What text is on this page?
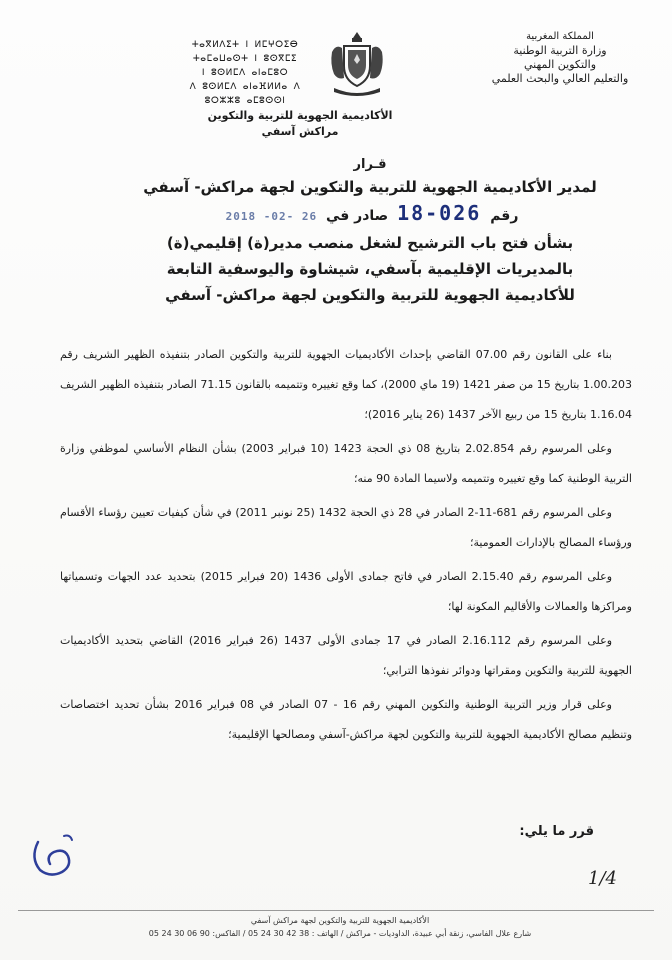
المملكة المغربية
وزارة التربية الوطنية
والتكوين المهني
والتعليم العالي والبحث العلمي
ⵜⴰⴳⵍⴷⵉⵜ ⵏ ⵍⵎⵖⵔⵉⴱ
ⵜⴰⵎⴰⵡⴰⵙⵜ ⵏ ⵓⵙⴳⵎⵉ
ⵏ ⵓⵙⵍⵎⴷ ⴰⵏⴰⵎⵓⵔ
ⴷ ⵓⵙⵍⵎⴷ ⴰⵏⴰⴼⵍⵍⴰ ⴷ ⵓⵔⵣⵣⵓ ⴰⵎⵓⵙⵙⵏ
الأكاديمية الجهوية للتربية والتكوين
مراكش آسفي
قـرار
لمدير الأكاديمية الجهوية للتربية والتكوين لجهة مراكش- آسفي
رقم 18-026 صادر في 2018 -02- 26
بشأن فتح باب الترشيح لشغل منصب مدير(ة) إقليمي(ة)
بالمديريات الإقليمية بآسفي، شيشاوة واليوسفية التابعة
للأكاديمية الجهوية للتربية والتكوين لجهة مراكش- آسفي

بناء على القانون رقم 07.00 القاضي بإحداث الأكاديميات الجهوية للتربية والتكوين الصادر بتنفيذه الظهير الشريف رقم 1.00.203 بتاريخ 15 من صفر 1421 (19 ماي 2000)، كما وقع تغييره وتتميمه بالقانون 71.15 الصادر بتنفيذه الظهير الشريف 1.16.04 بتاريخ 15 من ربيع الآخر 1437 (26 يناير 2016)؛

وعلى المرسوم رقم 2.02.854 بتاريخ 08 ذي الحجة 1423 (10 فبراير 2003) بشأن النظام الأساسي لموظفي وزارة التربية الوطنية كما وقع تغييره وتتميمه ولاسيما المادة 90 منه؛

وعلى المرسوم رقم 681-11-2 الصادر في 28 ذي الحجة 1432 (25 نونبر 2011) في شأن كيفيات تعيين رؤساء الأقسام ورؤساء المصالح بالإدارات العمومية؛

وعلى المرسوم رقم 2.15.40 الصادر في فاتح جمادى الأولى 1436 (20 فبراير 2015) بتحديد عدد الجهات وتسمياتها ومراكزها والعمالات والأقاليم المكونة لها؛

وعلى المرسوم رقم 2.16.112 الصادر في 17 جمادى الأولى 1437 (26 فبراير 2016) القاضي بتحديد الأكاديميات الجهوية للتربية والتكوين ومقراتها ودوائر نفوذها الترابي؛

وعلى قرار وزير التربية الوطنية والتكوين المهني رقم 16 - 07 الصادر في 08 فبراير 2016 بشأن تحديد اختصاصات وتنظيم مصالح الأكاديمية الجهوية للتربية والتكوين لجهة مراكش-آسفي ومصالحها الإقليمية؛

قرر ما يلي:
1/4
الأكاديمية الجهوية للتربية والتكوين لجهة مراكش آسفي
شارع علال الفاسي، زنقة أبي عبيدة، الداوديات - مراكش / الهاتف : 38 42 30 24 05 / الفاكس: 90 06 30 24 05
